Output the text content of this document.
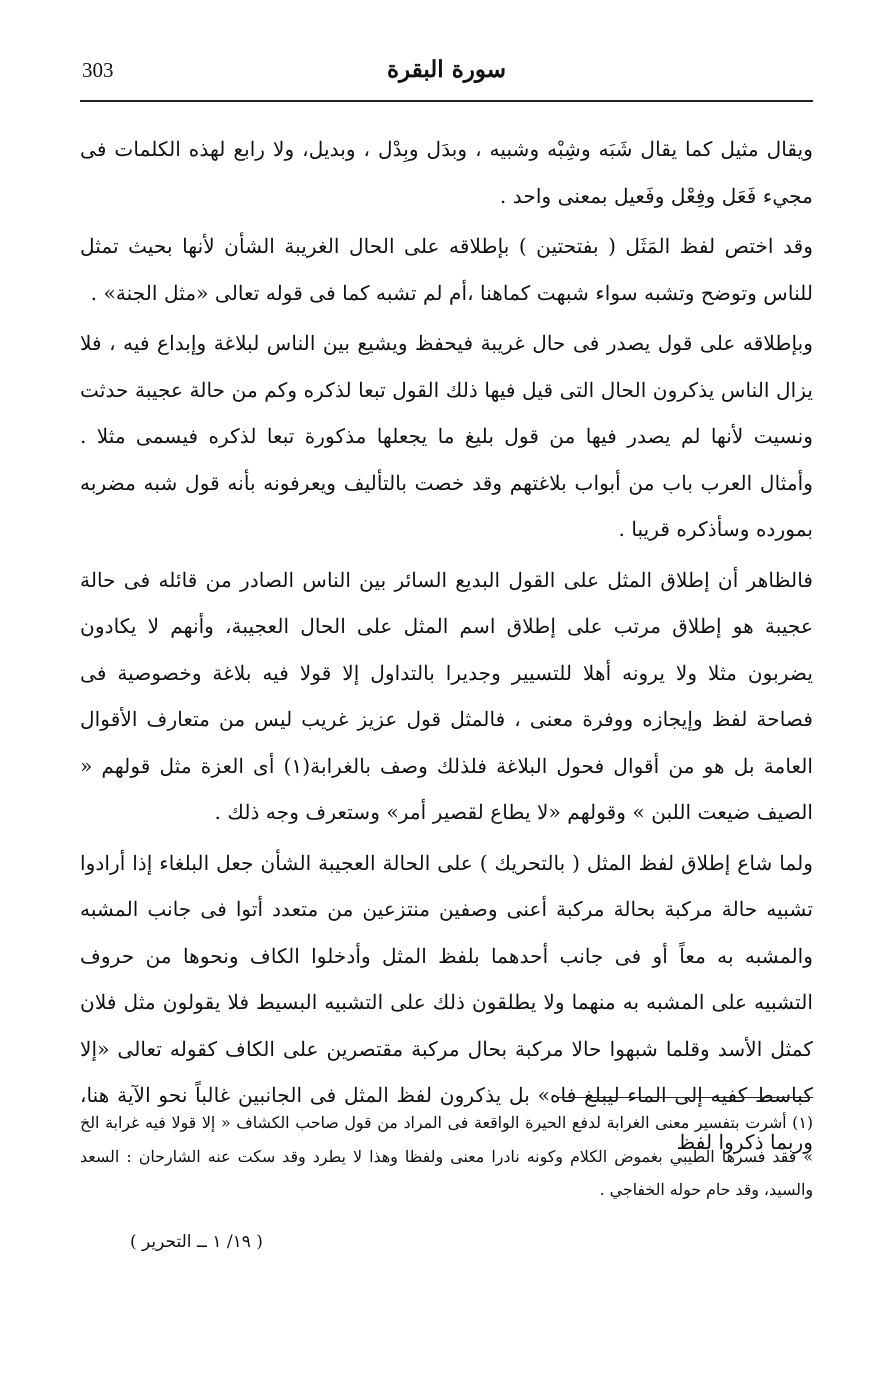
303	سورة البقرة

ويقال مثيل كما يقال شَبَه وشِبْه وشبيه ، وبدَل وبِدْل ، وبديل، ولا رابع لهذه الكلمات فى مجيء فَعَل وفِعْل وفَعيل بمعنى واحد .

وقد اختص لفظ المَثَل ( بفتحتين ) بإطلاقه على الحال الغريبة الشأن لأنها بحيث تمثل للناس وتوضح وتشبه سواء شبهت كماهنا ،أم لم تشبه كما فى قوله تعالى «مثل الجنة» .

وبإطلاقه على قول يصدر فى حال غريبة فيحفظ ويشيع بين الناس لبلاغة وإبداع فيه ، فلا يزال الناس يذكرون الحال التى قيل فيها ذلك القول تبعا لذكره وكم من حالة عجيبة حدثت ونسيت لأنها لم يصدر فيها من قول بليغ ما يجعلها مذكورة تبعا لذكره فيسمى مثلا . وأمثال العرب باب من أبواب بلاغتهم وقد خصت بالتأليف ويعرفونه بأنه قول شبه مضربه بمورده وسأذكره قريبا .

فالظاهر أن إطلاق المثل على القول البديع السائر بين الناس الصادر من قائله فى حالة عجيبة هو إطلاق مرتب على إطلاق اسم المثل على الحال العجيبة، وأنهم لا يكادون يضربون مثلا ولا يرونه أهلا للتسيير وجديرا بالتداول إلا قولا فيه بلاغة وخصوصية فى فصاحة لفظ وإيجازه ووفرة معنى ، فالمثل قول عزيز غريب ليس من متعارف الأقوال العامة بل هو من أقوال فحول البلاغة فلذلك وصف بالغرابة(١) أى العزة مثل قولهم « الصيف ضيعت اللبن » وقولهم «لا يطاع لقصير أمر» وستعرف وجه ذلك .

ولما شاع إطلاق لفظ المثل ( بالتحريك ) على الحالة العجيبة الشأن جعل البلغاء إذا أرادوا تشبيه حالة مركبة بحالة مركبة أعنى وصفين منتزعين من متعدد أتوا فى جانب المشبه والمشبه به معاً أو فى جانب أحدهما بلفظ المثل وأدخلوا الكاف ونحوها من حروف التشبيه على المشبه به منهما ولا يطلقون ذلك على التشبيه البسيط فلا يقولون مثل فلان كمثل الأسد وقلما شبهوا حالا مركبة بحال مركبة مقتصرين على الكاف كقوله تعالى «إلا كباسط كفيه إلى الماء ليبلغ فاه» بل يذكرون لفظ المثل فى الجانبين غالباً نحو الآية هنا، وربما ذكروا لفظ

(١) أشرت بتفسير معنى الغرابة لدفع الحيرة الواقعة فى المراد من قول صاحب الكشاف « إلا قولا فيه غرابة الخ » فقد فسرها الطيبي بغموض الكلام وكونه نادرا معنى ولفظا وهذا لا يطرد وقد سكت عنه الشارحان : السعد والسيد، وقد حام حوله الخفاجي .

( ١٩/ ١ ــ التحرير )
